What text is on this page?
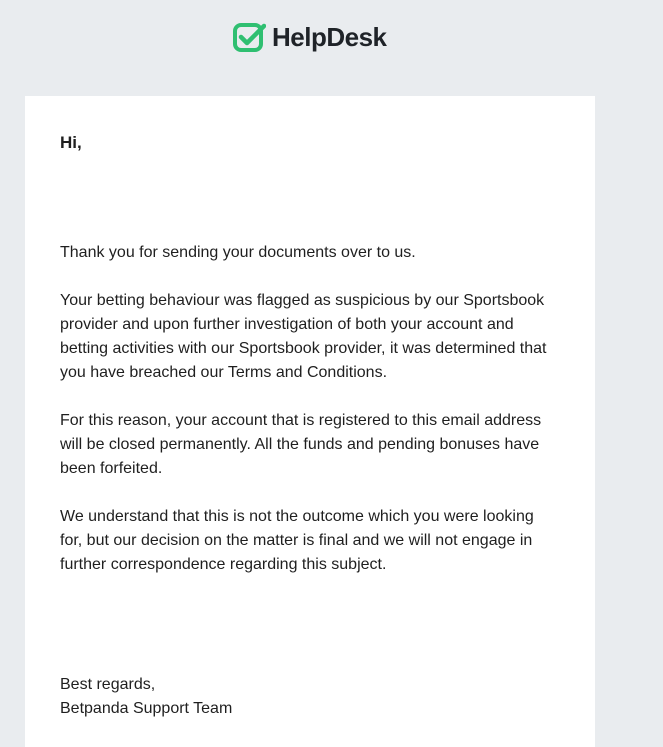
HelpDesk
Hi,

Thank you for sending your documents over to us.

Your betting behaviour was flagged as suspicious by our Sportsbook provider and upon further investigation of both your account and betting activities with our Sportsbook provider, it was determined that you have breached our Terms and Conditions.

For this reason, your account that is registered to this email address will be closed permanently. All the funds and pending bonuses have been forfeited.

We understand that this is not the outcome which you were looking for, but our decision on the matter is final and we will not engage in further correspondence regarding this subject.

Best regards,
Betpanda Support Team
